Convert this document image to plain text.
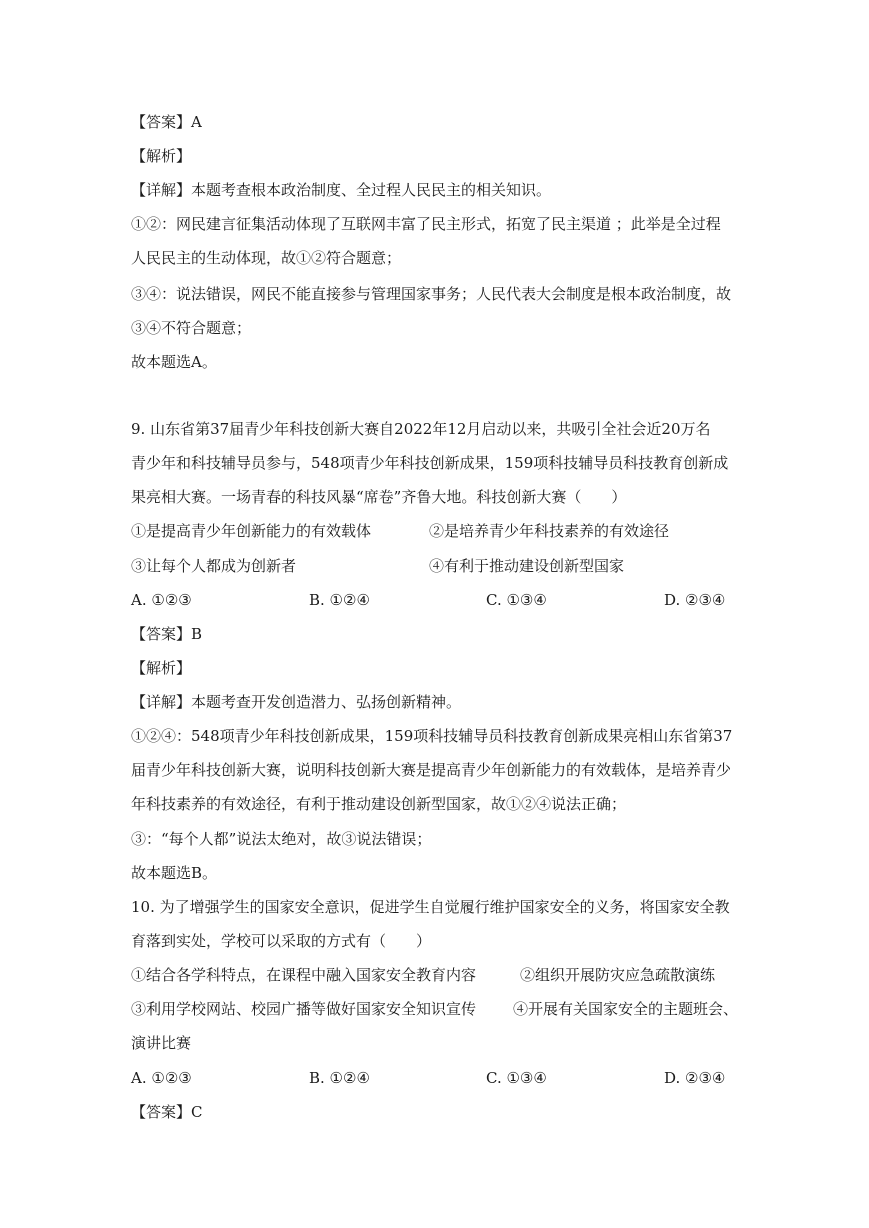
【答案】A
【解析】
【详解】本题考查根本政治制度、全过程人民民主的相关知识。
①②：网民建言征集活动体现了互联网丰富了民主形式，拓宽了民主渠道 ；此举是全过程
人民民主的生动体现，故①②符合题意；
③④：说法错误，网民不能直接参与管理国家事务；人民代表大会制度是根本政治制度，故
③④不符合题意；
故本题选A。
9. 山东省第37届青少年科技创新大赛自2022年12月启动以来，共吸引全社会近20万名
青少年和科技辅导员参与，548项青少年科技创新成果，159项科技辅导员科技教育创新成
果亮相大赛。一场青春的科技风暴“席卷”齐鲁大地。科技创新大赛（　　）
①是提高青少年创新能力的有效载体	②是培养青少年科技素养的有效途径
③让每个人都成为创新者	④有利于推动建设创新型国家
A. ①②③	B. ①②④	C. ①③④	D. ②③④
【答案】B
【解析】
【详解】本题考查开发创造潜力、弘扬创新精神。
①②④：548项青少年科技创新成果，159项科技辅导员科技教育创新成果亮相山东省第37
届青少年科技创新大赛，说明科技创新大赛是提高青少年创新能力的有效载体，是培养青少
年科技素养的有效途径，有利于推动建设创新型国家，故①②④说法正确；
③：“每个人都”说法太绝对，故③说法错误；
故本题选B。
10. 为了增强学生的国家安全意识，促进学生自觉履行维护国家安全的义务，将国家安全教
育落到实处，学校可以采取的方式有（　　）
①结合各学科特点，在课程中融入国家安全教育内容	②组织开展防灾应急疏散演练
③利用学校网站、校园广播等做好国家安全知识宣传 ④开展有关国家安全的主题班会、
演讲比赛
A. ①②③	B. ①②④	C. ①③④	D. ②③④
【答案】C
